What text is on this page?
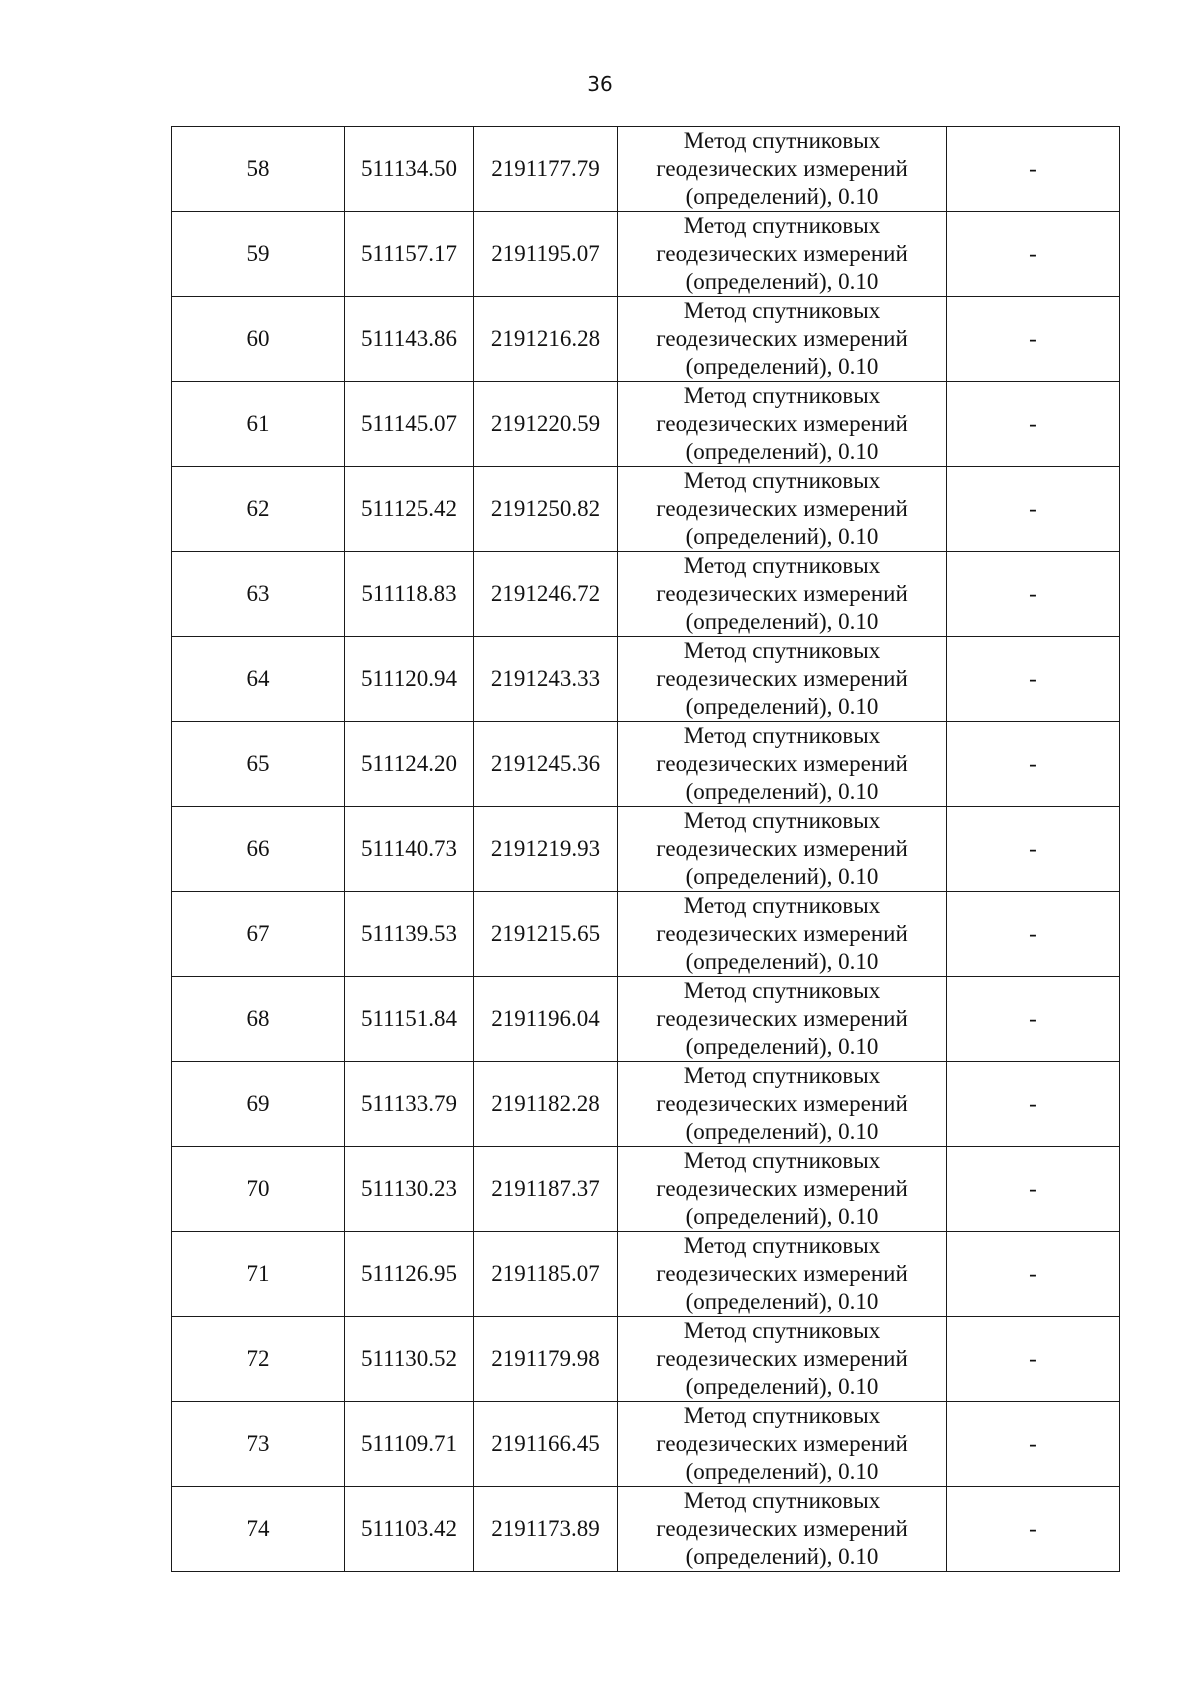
36
58	511134.50	2191177.79	Метод спутниковых
геодезических измерений
(определений), 0.10	-
59	511157.17	2191195.07	Метод спутниковых
геодезических измерений
(определений), 0.10	-
60	511143.86	2191216.28	Метод спутниковых
геодезических измерений
(определений), 0.10	-
61	511145.07	2191220.59	Метод спутниковых
геодезических измерений
(определений), 0.10	-
62	511125.42	2191250.82	Метод спутниковых
геодезических измерений
(определений), 0.10	-
63	511118.83	2191246.72	Метод спутниковых
геодезических измерений
(определений), 0.10	-
64	511120.94	2191243.33	Метод спутниковых
геодезических измерений
(определений), 0.10	-
65	511124.20	2191245.36	Метод спутниковых
геодезических измерений
(определений), 0.10	-
66	511140.73	2191219.93	Метод спутниковых
геодезических измерений
(определений), 0.10	-
67	511139.53	2191215.65	Метод спутниковых
геодезических измерений
(определений), 0.10	-
68	511151.84	2191196.04	Метод спутниковых
геодезических измерений
(определений), 0.10	-
69	511133.79	2191182.28	Метод спутниковых
геодезических измерений
(определений), 0.10	-
70	511130.23	2191187.37	Метод спутниковых
геодезических измерений
(определений), 0.10	-
71	511126.95	2191185.07	Метод спутниковых
геодезических измерений
(определений), 0.10	-
72	511130.52	2191179.98	Метод спутниковых
геодезических измерений
(определений), 0.10	-
73	511109.71	2191166.45	Метод спутниковых
геодезических измерений
(определений), 0.10	-
74	511103.42	2191173.89	Метод спутниковых
геодезических измерений
(определений), 0.10	-
